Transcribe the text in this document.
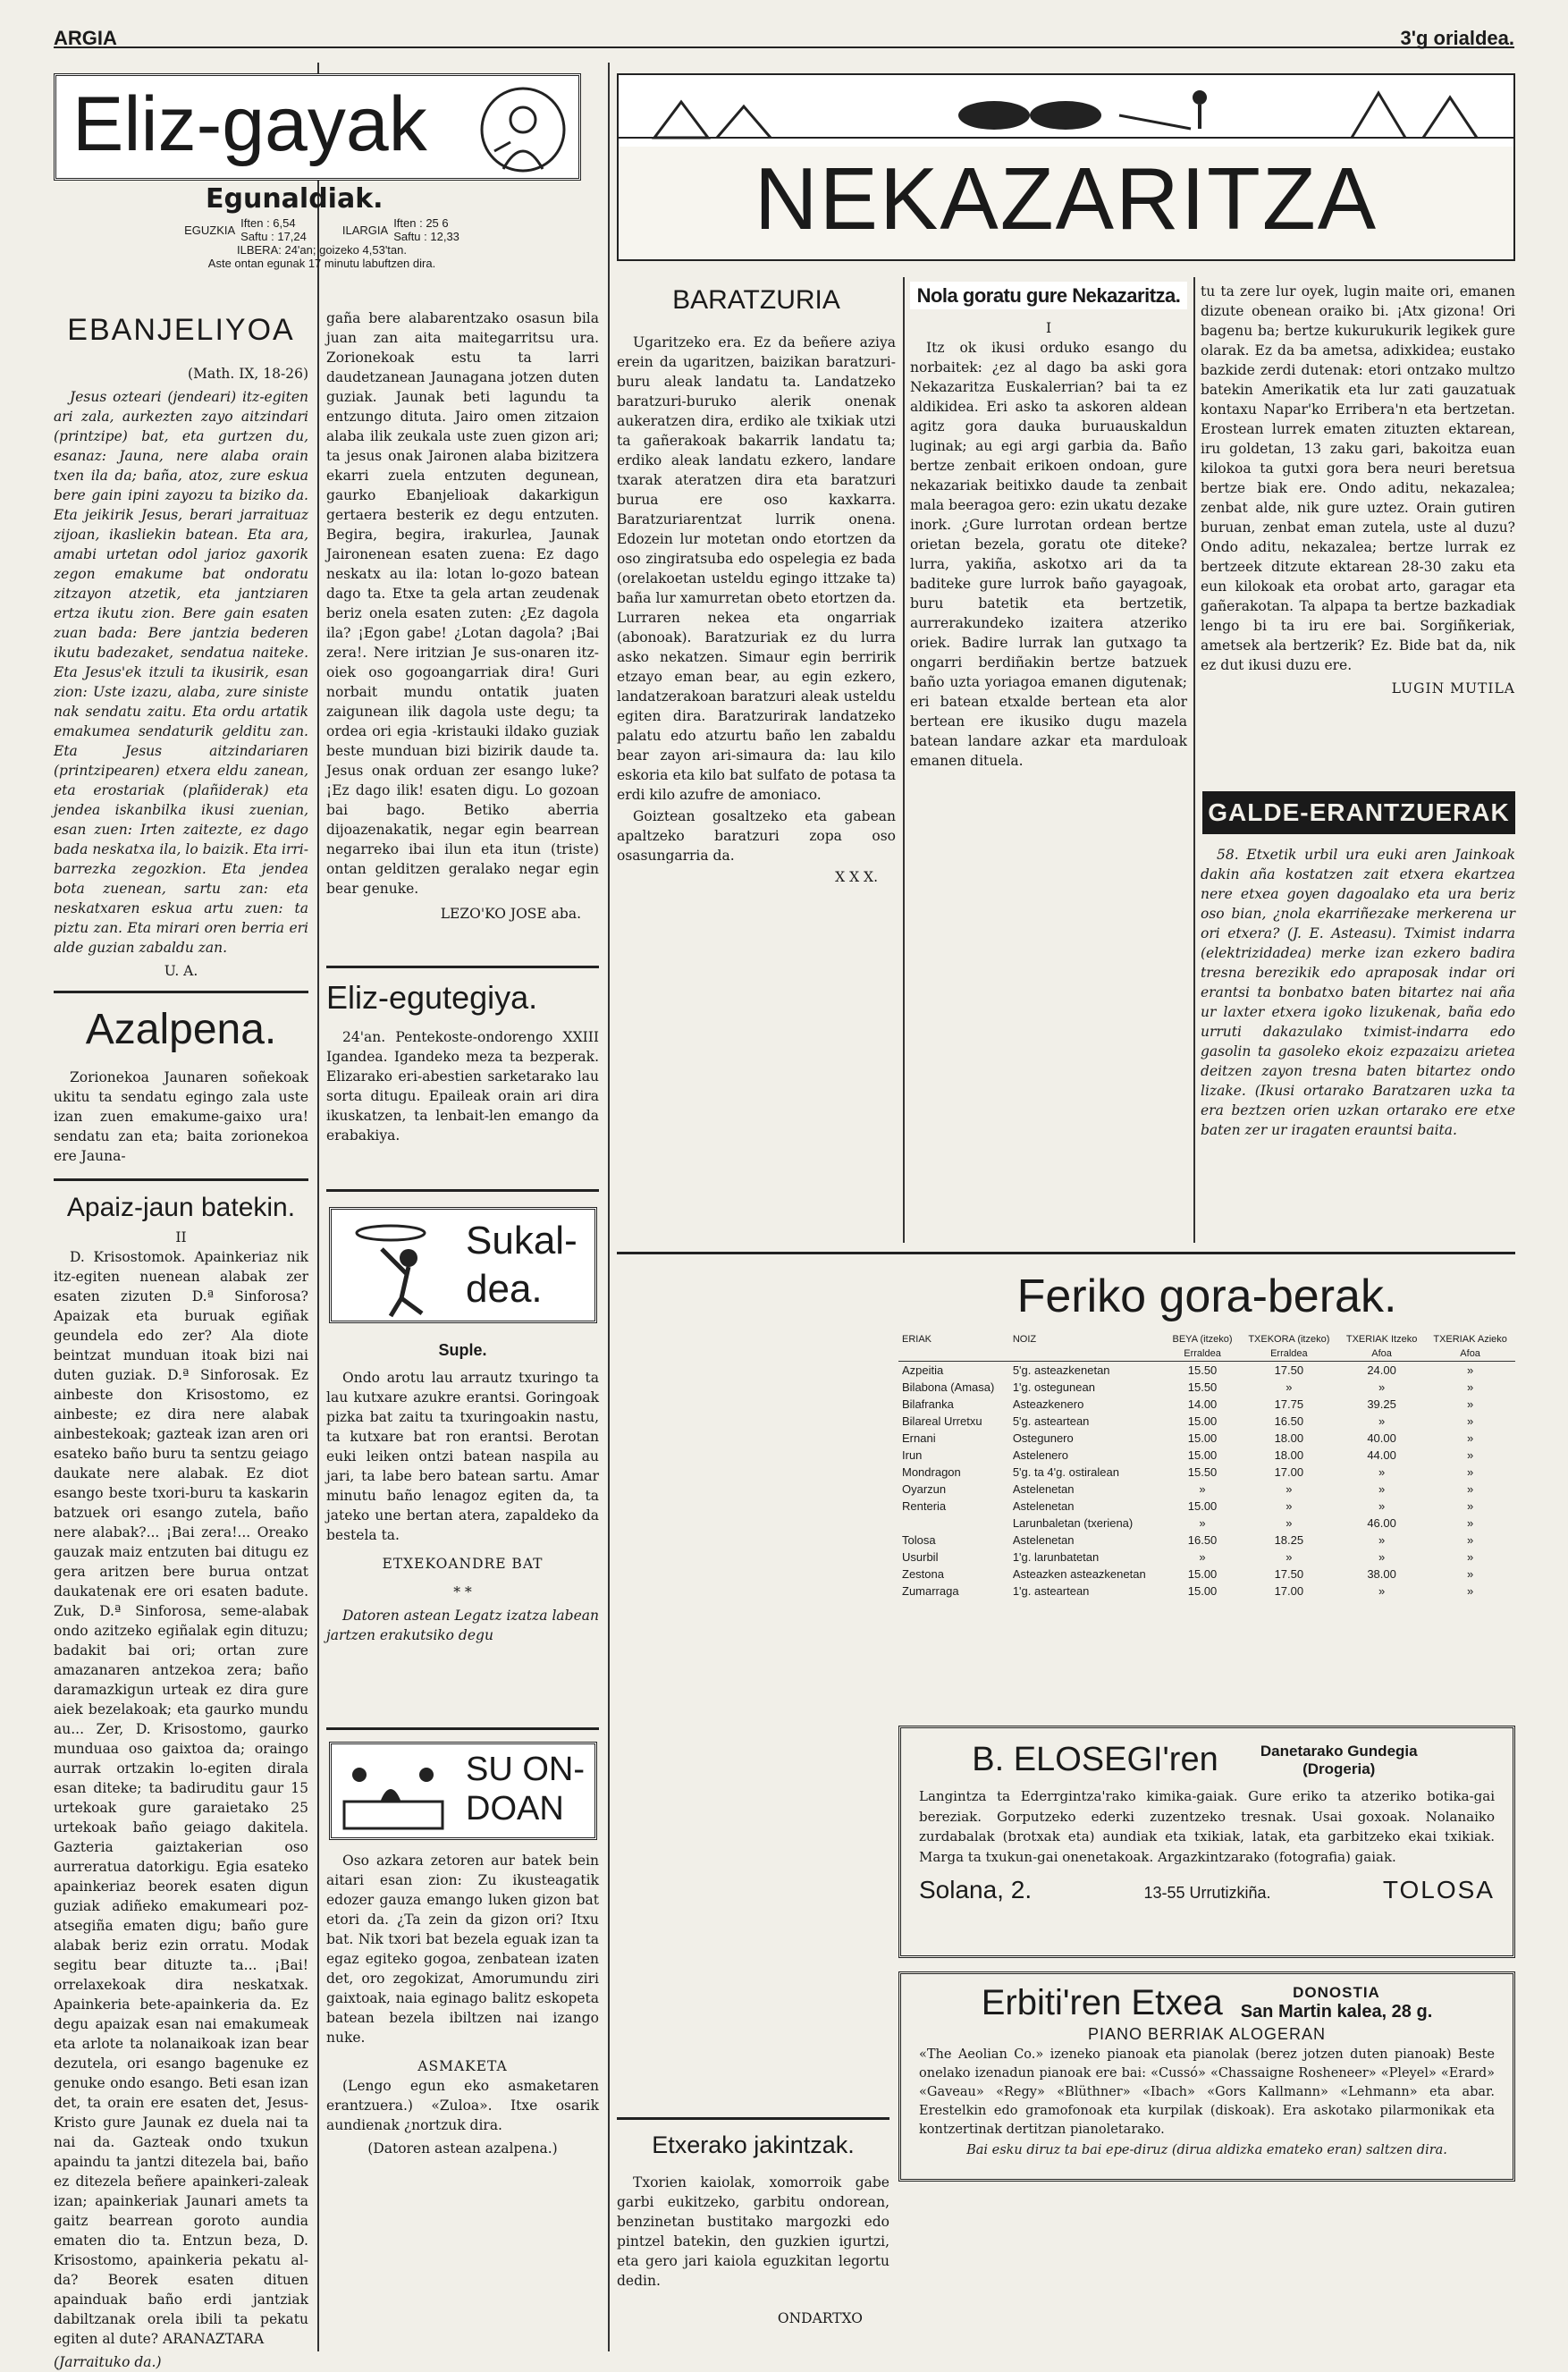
ARGIA	3'g orialdea.
Eliz-gayak
Egunaldiak.
EGUZKIA Iften : 6,54
Saftu : 17,24	ILARGIA Iften : 25 6
Saftu : 12,33
ILBERA: 24'an; goizeko 4,53'tan.
Aste ontan egunak 17 minutu labuftzen dira.
EBANJELIYOA
(Math. IX, 18-26)

Jesus ozteari (jendeari) itz-egiten ari zala, aurkezten zayo aitzindari (printzipe) bat, eta gurtzen du, esanaz: Jauna, nere alaba orain txen ila da; baña, atoz, zure eskua bere gain ipini zayozu ta biziko da. Eta jeikirik Jesus, berari jarraituaz zijoan, ikasliekin batean. Eta ara, amabi urtetan odol jarioz gaxorik zegon emakume bat ondoratu zitzayon atzetik, eta jantziaren ertza ikutu zion. Bere gain esaten zuan bada: Bere jantzia bederen ikutu badezaket, sendatua naiteke. Eta Jesus'ek itzuli ta ikusirik, esan zion: Uste izazu, alaba, zure siniste nak sendatu zaitu. Eta ordu artatik emakumea sendaturik gelditu zan. Eta Jesus aitzindariaren (printzipearen) etxera eldu zanean, eta erostariak (plañiderak) eta jendea iskanbilka ikusi zuenian, esan zuen: Irten zaitezte, ez dago bada neskatxa ila, lo baizik. Eta irri-barrezka zegozkion. Eta jendea bota zuenean, sartu zan: eta neskatxaren eskua artu zuen: ta piztu zan. Eta mirari oren berria eri alde guzian zabaldu zan.

U. A.

gaña bere alabarentzako osasun bila juan zan aita maitegarritsu ura. Zorionekoak estu ta larri daudetzanean Jaunagana jotzen duten guziak. Jaunak beti lagundu ta entzungo dituta. Jairo omen zitzaion alaba ilik zeukala uste zuen gizon ari; ta jesus onak Jaironen alaba bizitzera ekarri zuela entzuten degunean, gaurko Ebanjelioak dakarkigun gertaera besterik ez degu entzuten. Begira, begira, irakurlea, Jaunak Jaironenean esaten zuena: Ez dago neskatx au ila: lotan lo-gozo batean dago ta. Etxe ta gela artan zeudenak beriz onela esaten zuten: ¿Ez dagola ila? ¡Egon gabe! ¿Lotan dagola? ¡Bai zera!. Nere iritzian Je sus-onaren itz-oiek oso gogoangarriak dira! Guri norbait mundu ontatik juaten zaigunean ilik dagola uste degu; ta ordea ori egia -kristauki ildako guziak beste munduan bizi bizirik daude ta. Jesus onak orduan zer esango luke? ¡Ez dago ilik! esaten digu. Lo gozoan bai bago. Betiko aberria dijoazenakatik, negar egin bearrean negarreko ibai ilun eta itun (triste) ontan gelditzen geralako negar egin bear genuke.

LEZO'KO JOSE aba.
Azalpena.

Zorionekoa Jaunaren soñekoak ukitu ta sendatu egingo zala uste izan zuen emakume-gaixo ura! sendatu zan eta; baita zorionekoa ere Jauna-

Apaiz-jaun batekin.
II

D. Krisostomok. Apainkeriaz nik itz-egiten nuenean alabak zer esaten zizuten D.ª Sinforosa? Apaizak eta buruak egiñak geundela edo zer? Ala diote beintzat munduan itoak bizi nai duten guziak. D.ª Sinforosak. Ez ainbeste don Krisostomo, ez ainbeste; ez dira nere alabak ainbestekoak; gazteak izan aren ori esateko baño buru ta sentzu geiago daukate nere alabak. Ez diot esango beste txori-buru ta kaskarin batzuek ori esango zutela, baño nere alabak?... ¡Bai zera!... Oreako gauzak maiz entzuten bai ditugu ez gera aritzen bere burua ontzat daukatenak ere ori esaten badute. Zuk, D.ª Sinforosa, seme-alabak ondo azitzeko egiñalak egin dituzu; badakit bai ori; ortan zure amazanaren antzekoa zera; baño daramazkigun urteak ez dira gure aiek bezelakoak; eta gaurko mundu au... Zer, D. Krisostomo, gaurko munduaa oso gaixtoa da; oraingo aurrak ortzakin lo-egiten dirala esan diteke; ta badiruditu gaur 15 urtekoak gure garaietako 25 urtekoak baño geiago dakitela. Gazteria gaiztakerian oso aurreratua datorkigu. Egia esateko apainkeriaz beorek esaten digun guziak adiñeko emakumeari poz-atsegiña ematen digu; baño gure alabak beriz ezin orratu. Modak segitu bear dituzte ta... ¡Bai! orrelaxekoak dira neskatxak. Apainkeria bete-apainkeria da. Ez degu apaizak esan nai emakumeak eta arlote ta nolanaikoak izan bear dezutela, ori esango bagenuke ez genuke ondo esango. Beti esan izan det, ta orain ere esaten det, Jesus-Kristo gure Jaunak ez duela nai ta nai da. Gazteak ondo txukun apaindu ta jantzi ditezela bai, baño ez ditezela beñere apainkeri-zaleak izan; apainkeriak Jaunari amets ta gaitz bearrean goroto aundia ematen dio ta. Entzun beza, D. Krisostomo, apainkeria pekatu al-da? Beorek esaten dituen apainduak baño erdi jantziak dabiltzanak orela ibili ta pekatu egiten al dute? ARANAZTARA

(Jarraituko da.)
Eliz-egutegiya.

24'an. Pentekoste-ondorengo XXIII Igandea. Igandeko meza ta bezperak. Elizarako eri-abestien sarketarako lau sorta ditugu. Epaileak orain ari dira ikuskatzen, ta lenbait-len emango da erabakiya.

Sukal-dea.
Suple.

Ondo arotu lau arrautz txuringo ta lau kutxare azukre erantsi. Goringoak pizka bat zaitu ta txuringoakin nastu, ta kutxare bat ron erantsi. Berotan euki leiken ontzi batean naspila au jari, ta labe bero batean sartu. Amar minutu baño lenagoz egiten da, ta jateko une bertan atera, zapaldeko da bestela ta.

ETXEKOANDRE BAT
* *

Datoren astean Legatz izatza labean jartzen erakutsiko degu

SU ON-DOAN

Oso azkara zetoren aur batek bein aitari esan zion: Zu ikusteagatik edozer gauza emango luken gizon bat etori da. ¿Ta zein da gizon ori? Itxu bat. Nik txori bat bezela eguak izan ta egaz egiteko gogoa, zenbatean izaten det, oro zegokizat, Amorumundu ziri gaixtoak, naia eginago balitz eskopeta batean bezela ibiltzen nai izango nuke.

ASMAKETA

(Lengo egun eko asmaketaren erantzuera.) «Zuloa». Itxe osarik aundienak ¿nortzuk dira.

(Datoren astean azalpena.)
NEKAZARITZA
BARATZURIA

Ugaritzeko era. Ez da beñere aziya erein da ugaritzen, baizikan baratzuri-buru aleak landatu ta. Landatzeko baratzuri-buruko alerik onenak aukeratzen dira, erdiko ale txikiak utzi ta gañerakoak bakarrik landatu ta; erdiko aleak landatu ezkero, landare txarak ateratzen dira eta baratzuri burua ere oso kaxkarra. Baratzuriarentzat lurrik onena. Edozein lur motetan ondo etortzen da oso zingiratsuba edo ospelegia ez bada (orelakoetan usteldu egingo ittzake ta) baña lur xamurretan obeto etortzen da. Lurraren nekea eta ongarriak (abonoak). Baratzuriak ez du lurra asko nekatzen. Simaur egin berririk etzayo eman bear, au egin ezkero, landatzerakoan baratzuri aleak usteldu egiten dira. Baratzurirak landatzeko palatu edo atzurtu baño len zabaldu bear zayon ari-simaura da: lau kilo eskoria eta kilo bat sulfato de potasa ta erdi kilo azufre de amoniaco.

Goiztean gosaltzeko eta gabean apaltzeko baratzuri zopa oso osasungarria da.

X X X.
Nola goratu gure Nekazaritza.
I

Itz ok ikusi orduko esango du norbaitek: ¿ez al dago ba aski gora Nekazaritza Euskalerrian? bai ta ez aldikidea. Eri asko ta askoren aldean agitz gora dauka buruauskaldun luginak; au egi argi garbia da. Baño bertze zenbait erikoen ondoan, gure nekazariak beitixko daude ta zenbait mala beeragoa gero: ezin ukatu dezake inork. ¿Gure lurrotan ordean bertze orietan bezela, goratu ote diteke? lurra, yakiña, askotxo ari da ta baditeke gure lurrok baño gayagoak, buru batetik eta bertzetik, aurrerakundeko izaitera atzeriko oriek. Badire lurrak lan gutxago ta ongarri berdiñakin bertze batzuek baño uzta yoriagoa emanen digutenak; eri batean etxalde bertean eta alor bertean ere ikusiko dugu mazela batean landare azkar eta marduloak emanen dituela.

tu ta zere lur oyek, lugin maite ori, emanen dizute obenean oraiko bi. ¡Atx gizona! Ori bagenu ba; bertze kukurukurik legikek gure olarak. Ez da ba ametsa, adixkidea; eustako bazkide zerdi dutenak: etori ontzako multzo batekin Amerikatik eta lur zati gauzatuak kontaxu Napar'ko Erribera'n eta bertzetan. Erostean lurrek ematen zituzten ektarean, iru goldetan, 13 zaku gari, bakoitza euan kilokoa ta gutxi gora bera neuri beretsua bertze biak ere. Ondo aditu, nekazalea; zenbat alde, nik gure uztez. Orain gutiren buruan, zenbat eman zutela, uste al duzu? Ondo aditu, nekazalea; bertze lurrak ez bertzeek ditzute ektarean 28-30 zaku eta eun kilokoak eta orobat arto, garagar eta gañerakotan. Ta alpapa ta bertze bazkadiak lengo bi ta iru ere bai. Sorgiñkeriak, ametsek ala bertzerik? Ez. Bide bat da, nik ez dut ikusi duzu ere.

LUGIN MUTILA
GALDE-ERANTZUERAK

58. Etxetik urbil ura euki aren Jainkoak dakin aña kostatzen zait etxera ekartzea nere etxea goyen dagoalako eta ura beriz oso bian, ¿nola ekarriñezake merkerena ur ori etxera? (J. E. Asteasu). Tximist indarra (elektrizidadea) merke izan ezkero badira tresna berezikik edo apraposak indar ori erantsi ta bonbatxo baten bitartez nai aña ur laxter etxera igoko lizukenak, baña edo urruti dakazulako tximist-indarra edo gasolin ta gasoleko ekoiz ezpazaizu arietea deitzen zayon tresna baten bitartez ondo lizake. (Ikusi ortarako Baratzaren uzka ta era beztzen orien uzkan ortarako ere etxe baten zer ur iragaten erauntsi baita.

Feriko gora-berak.
ERIAK	NOIZ	BEYA (itzeko)	TXEKORA (itzeko)	TXERIAK Itzeko	TXERIAK Azieko
		Erraldea	Erraldea	Afoa	Afoa
Azpeitia	5'g. asteazkenetan	15.50	17.50	24.00	»
Bilabona (Amasa)	1'g. ostegunean	15.50	»	»	»
Bilafranka	Asteazkenero	14.00	17.75	39.25	»
Bilareal Urretxu	5'g. asteartean	15.00	16.50	»	»
Ernani	Ostegunero	15.00	18.00	40.00	»
Irun	Astelenero	15.00	18.00	44.00	»
Mondragon	5'g. ta 4'g. ostiralean	15.50	17.00	»	»
Oyarzun	Astelenetan	»	»	»	»
Renteria	Astelenetan	15.00	»	»	»
	Larunbaletan (txeriena)	»	»	46.00	»
Tolosa	Astelenetan	16.50	18.25	»	»
Usurbil	1'g. larunbatetan	»	»	»	»
Zestona	Asteazken asteazkenetan	15.00	17.50	38.00	»
Zumarraga	1'g. asteartean	15.00	17.00	»	»
B. ELOSEGI'ren	Danetarako Gundegia (Drogeria)

Langintza ta Ederrgintza'rako kimika-gaiak. Gure eriko ta atzeriko botika-gai bereziak. Gorputzeko ederki zuzentzeko tresnak. Usai goxoak. Nolanaiko zurdabalak (brotxak eta) aundiak eta txikiak, latak, eta garbitzeko ekai txikiak. Marga ta txukun-gai onenetakoak. Argazkintzarako (fotografia) gaiak.

Solana, 2.	13-55 Urrutizkiña.	TOLOSA
Erbiti'ren Etxea	DONOSTIA
San Martin kalea, 28 g.
PIANO BERRIAK ALOGERAN

«The Aeolian Co.» izeneko pianoak eta pianolak (berez jotzen duten pianoak) Beste onelako izenadun pianoak ere bai: «Cussó» «Chassaigne Rosheneer» «Pleyel» «Erard» «Gaveau» «Regy» «Blüthner» «Ibach» «Gors Kallmann» «Lehmann» eta abar. Erestelkin edo gramofonoak eta kurpilak (diskoak). Era askotako pilarmonikak eta kontzertinak dertitzan pianoletarako.

Bai esku diruz ta bai epe-diruz (dirua aldizka emateko eran) saltzen dira.

Etxerako jakintzak.

Txorien kaiolak, xomorroik gabe garbi eukitzeko, garbitu ondorean, benzinetan bustitako margozki edo pintzel batekin, den guzkien igurtzi, eta gero jari kaiola eguzkitan legortu dedin.

ONDARTXO
